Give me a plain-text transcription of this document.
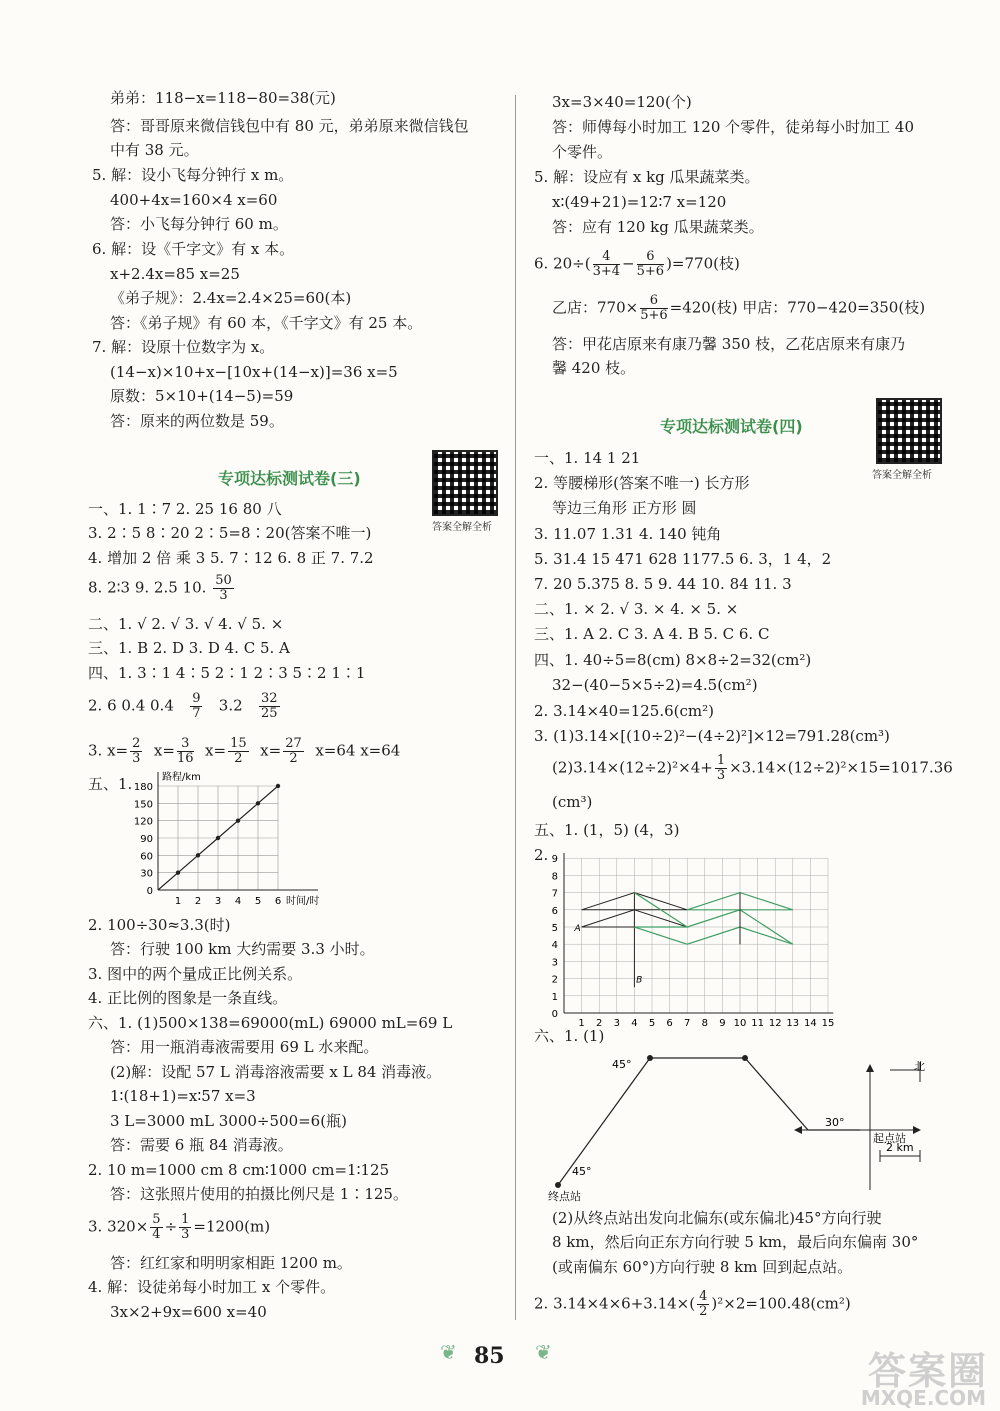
弟弟：118−x=118−80=38(元)
答：哥哥原来微信钱包中有 80 元，弟弟原来微信钱包
中有 38 元。
5. 解：设小飞每分钟行 x m。
400+4x=160×4 x=60
答：小飞每分钟行 60 m。
6. 解：设《千字文》有 x 本。
x+2.4x=85 x=25
《弟子规》：2.4x=2.4×25=60(本)
答：《弟子规》有 60 本，《千字文》有 25 本。
7. 解：设原十位数字为 x。
(14−x)×10+x−[10x+(14−x)]=36 x=5
原数：5×10+(14−5)=59
答：原来的两位数是 59。
专项达标测试卷(三)
答案全解全析
一、1. 1∶7 2. 25 16 80 八
3. 2∶5 8∶20 2∶5=8∶20(答案不唯一)
4. 增加 2 倍 乘 3 5. 7∶12 6. 8 正 7. 7.2
8. 2∶3 9. 2.5 10. $\frac{50}{3}$
二、1. √ 2. √ 3. √ 4. √ 5. ×
三、1. B 2. D 3. D 4. C 5. A
四、1. 3∶1 4∶5 2∶1 2∶3 5∶2 1∶1
2. 6 0.4 $0.4 \frac{9}{7} 3.2 \frac{32}{25}$
3. $x= \frac{2}{3} x= \frac{3}{16} x= \frac{15}{2} x= \frac{27}{2} x=64$ x=64
五、1.
0
30
60
90
120
150
180
1 2 3 4 5 6
路程/km
时间/时
2. 100÷30≈3.3(时)
答：行驶 100 km 大约需要 3.3 小时。
3. 图中的两个量成正比例关系。
4. 正比例的图象是一条直线。
六、1. (1)500×138=69000(mL) 69000 mL=69 L
答：用一瓶消毒液需要用 69 L 水来配。
(2)解：设配 57 L 消毒溶液需要 x L 84 消毒液。
1∶(18+1)=x∶57 x=3
3 L=3000 mL 3000÷500=6(瓶)
答：需要 6 瓶 84 消毒液。
2. 10 m=1000 cm 8 cm∶1000 cm=1∶125
答：这张照片使用的拍摄比例尺是 1∶125。
3. $320\times \frac{5}{4} \div \frac{1}{3} =1200(m)$
答：红红家和明明家相距 1200 m。
4. 解：设徒弟每小时加工 x 个零件。
3x×2+9x=600 x=40
3x=3×40=120(个)
答：师傅每小时加工 120 个零件，徒弟每小时加工 40
个零件。
5. 解：设应有 x kg 瓜果蔬菜类。
x∶(49+21)=12∶7 x=120
答：应有 120 kg 瓜果蔬菜类。
6. $20\div( \frac{4}{3+4} - \frac{6}{5+6} )=770$(枝)
乙店：$770\times \frac{6}{5+6} =420$(枝) 甲店：770−420=350(枝)
答：甲花店原来有康乃馨 350 枝，乙花店原来有康乃
馨 420 枝。
专项达标测试卷(四)
答案全解全析
一、1. 14 1 21
2. 等腰梯形(答案不唯一) 长方形
等边三角形 正方形 圆
3. 11.07 1.31 4. 140 钝角
5. 31.4 15 471 628 1177.5 6. 3，1 4，2
7. 20 5.375 8. 5 9. 44 10. 84 11. 3
二、1. × 2. √ 3. × 4. × 5. ×
三、1. A 2. C 3. A 4. B 5. C 6. C
四、1. 40÷5=8(cm) 8×8÷2=32(cm²)
32−(40−5×5÷2)=4.5(cm²)
2. 3.14×40=125.6(cm²)
3. (1)3.14×[(10÷2)²−(4÷2)²]×12=791.28(cm³)
$(2)3.14\times(12\div 2)^2\times 4+ \frac{1}{3} \times 3.14\times(12\div 2)^2\times 15=1017.36$
(cm³)
五、1. (1，5) (4，3)
2.
1 2 3 4 5 6 7 8 9 10 11 12 13 14 15
0
1
2
3
4
5
6
7
8
9
A
B
六、1. (1)
北
起点站
终点站
2 km
45°
45°
30°
(2)从终点站出发向北偏东(或东偏北)45°方向行驶
8 km，然后向正东方向行驶 5 km，最后向东偏南 30°
(或南偏东 60°)方向行驶 8 km 回到起点站。
2. $3.14\times 4\times 6+3.14\times( \frac{4}{2} )^2\times 2=100.48(cm^2)$
❦ 85 ❦	答案圈
MXQE.COM
